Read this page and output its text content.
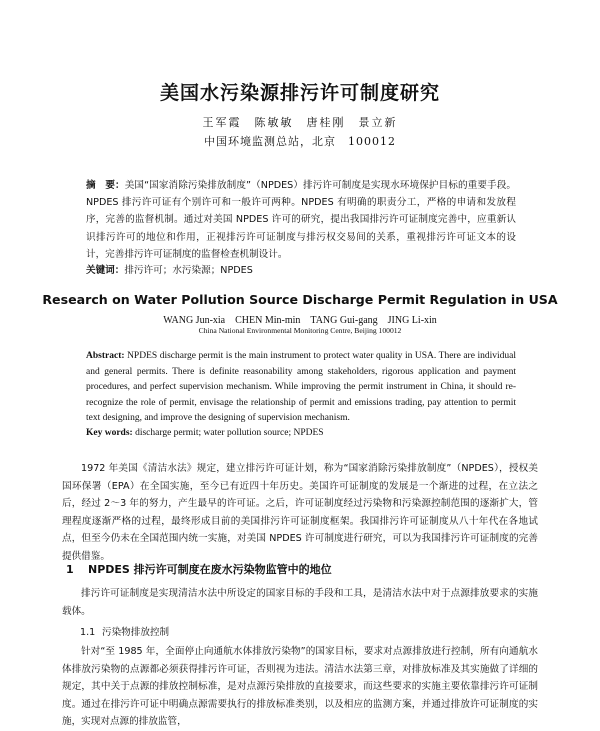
美国水污染源排污许可制度研究
王军霞　陈敏敏　唐桂刚　景立新
中国环境监测总站，北京　100012
摘　要：美国“国家消除污染排放制度”（NPDES）排污许可制度是实现水环境保护目标的重要手段。NPDES 排污许可证有个别许可和一般许可两种。NPDES 有明确的职责分工，严格的申请和发放程序，完善的监督机制。通过对美国 NPDES 许可的研究，提出我国排污许可证制度完善中，应重新认识排污许可的地位和作用，正视排污许可证制度与排污权交易间的关系，重视排污许可证文本的设计，完善排污许可证制度的监督检查机制设计。
关键词：排污许可；水污染源；NPDES
Research on Water Pollution Source Discharge Permit Regulation in USA
WANG Jun-xia　CHEN Min-min　TANG Gui-gang　JING Li-xin
China National Environmental Monitoring Centre, Beijing 100012
Abstract: NPDES discharge permit is the main instrument to protect water quality in USA. There are individual and general permits. There is definite reasonability among stakeholders, rigorous application and payment procedures, and perfect supervision mechanism. While improving the permit instrument in China, it should re-recognize the role of permit, envisage the relationship of permit and emissions trading, pay attention to permit text designing, and improve the designing of supervision mechanism.
Key words: discharge permit; water pollution source; NPDES
1972 年美国《清洁水法》规定，建立排污许可证计划，称为“国家消除污染排放制度”（NPDES），授权美国环保署（EPA）在全国实施，至今已有近四十年历史。美国许可证制度的发展是一个渐进的过程，在立法之后，经过 2～3 年的努力，产生最早的许可证。之后，许可证制度经过污染物和污染源控制范围的逐渐扩大，管理程度逐渐严格的过程，最终形成目前的美国排污许可证制度框架。我国排污许可证制度从八十年代在各地试点，但至今仍未在全国范围内统一实施，对美国 NPDES 许可制度进行研究，可以为我国排污许可证制度的完善提供借鉴。
1 NPDES 排污许可制度在废水污染物监管中的地位
排污许可证制度是实现清洁水法中所设定的国家目标的手段和工具，是清洁水法中对于点源排放要求的实施载体。
1.1 污染物排放控制
针对“至 1985 年，全面停止向通航水体排放污染物”的国家目标，要求对点源排放进行控制，所有向通航水体排放污染物的点源都必须获得排污许可证，否则视为违法。清洁水法第三章，对排放标准及其实施做了详细的规定，其中关于点源的排放控制标准，是对点源污染排放的直接要求，而这些要求的实施主要依靠排污许可证制度。通过在排污许可证中明确点源需要执行的排放标准类别，以及相应的监测方案，并通过排放许可证制度的实施，实现对点源的排放监管，
